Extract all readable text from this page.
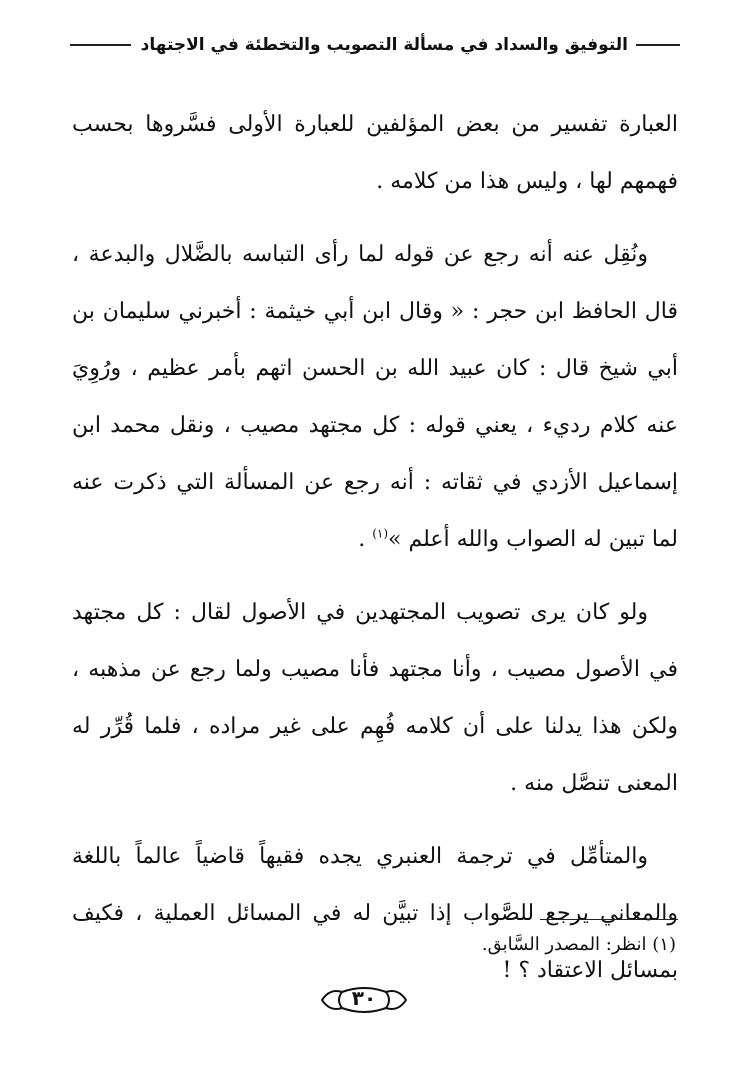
التوفيق والسداد في مسألة التصويب والتخطئة في الاجتهاد

العبارة تفسير من بعض المؤلفين للعبارة الأولى فسَّروها بحسب فهمهم لها ، وليس هذا من كلامه .

ونُقِل عنه أنه رجع عن قوله لما رأى التباسه بالضَّلال والبدعة ، قال الحافظ ابن حجر : « وقال ابن أبي خيثمة : أخبرني سليمان بن أبي شيخ قال : كان عبيد الله بن الحسن اتهم بأمر عظيم ، ورُوِيَ عنه كلام رديء ، يعني قوله : كل مجتهد مصيب ، ونقل محمد ابن إسماعيل الأزدي في ثقاته : أنه رجع عن المسألة التي ذكرت عنه لما تبين له الصواب والله أعلم »$^{(١)}$ .

ولو كان يرى تصويب المجتهدين في الأصول لقال : كل مجتهد في الأصول مصيب ، وأنا مجتهد فأنا مصيب ولما رجع عن مذهبه ، ولكن هذا يدلنا على أن كلامه فُهِم على غير مراده ، فلما قُرِّر له المعنى تنصَّل منه .

والمتأمِّل في ترجمة العنبري يجده فقيهاً قاضياً عالماً باللغة والمعاني يرجع للصَّواب إذا تبيَّن له في المسائل العملية ، فكيف بمسائل الاعتقاد ؟ !

(١) انظر: المصدر السَّابق.
٣٠
